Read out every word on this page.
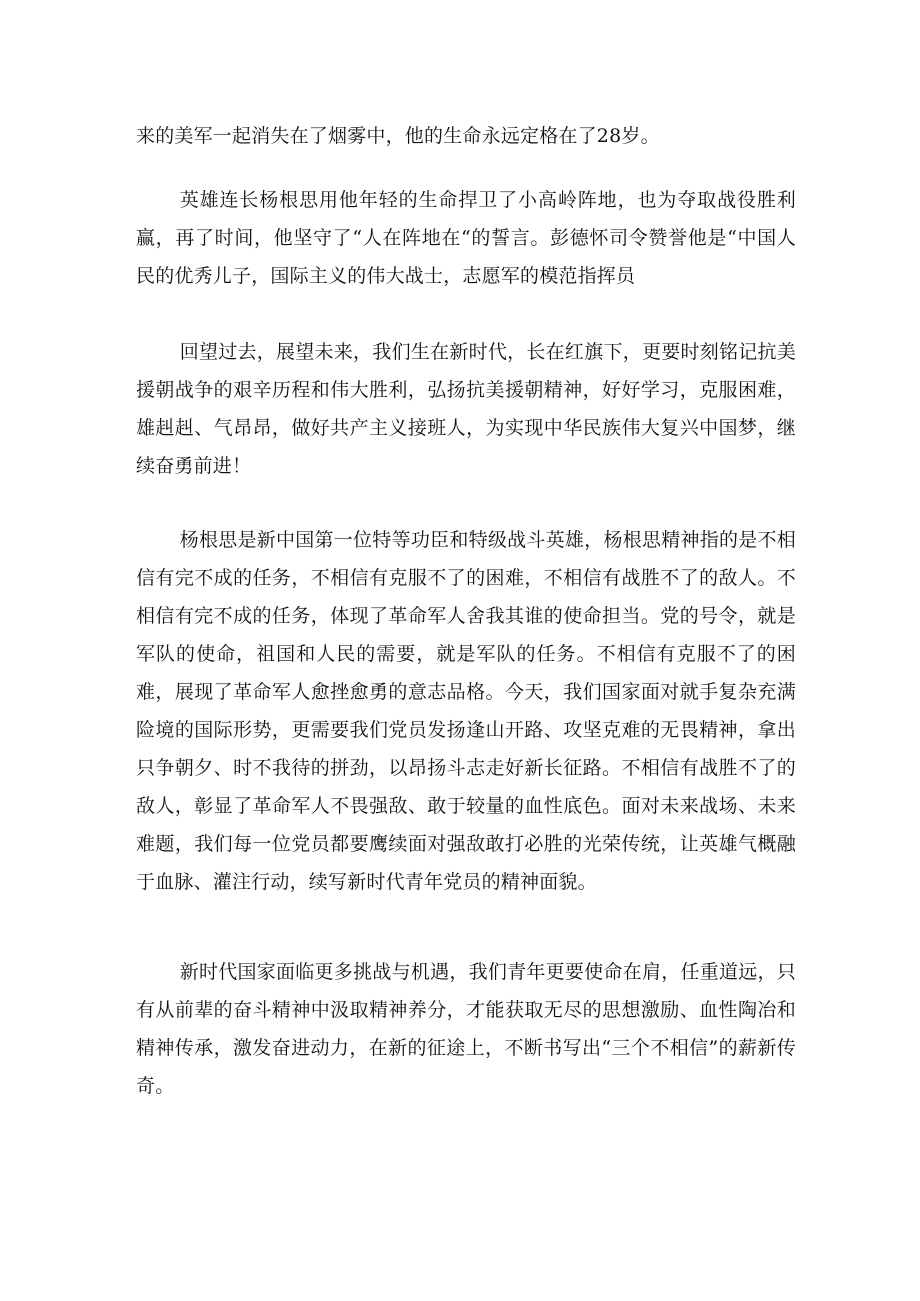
来的美军一起消失在了烟雾中，他的生命永远定格在了28岁。

英雄连长杨根思用他年轻的生命捍卫了小高岭阵地，也为夺取战役胜利赢，再了时间，他坚守了“人在阵地在“的誓言。彭德怀司令赞誉他是“中国人民的优秀儿子，国际主义的伟大战士，志愿军的模范指挥员

回望过去，展望未来，我们生在新时代，长在红旗下，更要时刻铭记抗美援朝战争的艰辛历程和伟大胜利，弘扬抗美援朝精神，好好学习，克服困难，雄赳赳、气昂昂，做好共产主义接班人，为实现中华民族伟大复兴中国梦，继续奋勇前进！

杨根思是新中国第一位特等功臣和特级战斗英雄，杨根思精神指的是不相信有完不成的任务，不相信有克服不了的困难，不相信有战胜不了的敌人。不相信有完不成的任务，体现了革命军人舍我其谁的使命担当。党的号令，就是军队的使命，祖国和人民的需要，就是军队的任务。不相信有克服不了的困难，展现了革命军人愈挫愈勇的意志品格。今天，我们国家面对就手复杂充满险境的国际形势，更需要我们党员发扬逢山开路、攻坚克难的无畏精神，拿出只争朝夕、时不我待的拼劲，以昂扬斗志走好新长征路。不相信有战胜不了的敌人，彰显了革命军人不畏强敌、敢于较量的血性底色。面对未来战场、未来难题，我们每一位党员都要鹰续面对强敌敢打必胜的光荣传统，让英雄气概融于血脉、灌注行动，续写新时代青年党员的精神面貌。

新时代国家面临更多挑战与机遇，我们青年更要使命在肩，任重道远，只有从前辈的奋斗精神中汲取精神养分，才能获取无尽的思想激励、血性陶冶和精神传承，激发奋进动力，在新的征途上，不断书写出“三个不相信”的薪新传奇。
